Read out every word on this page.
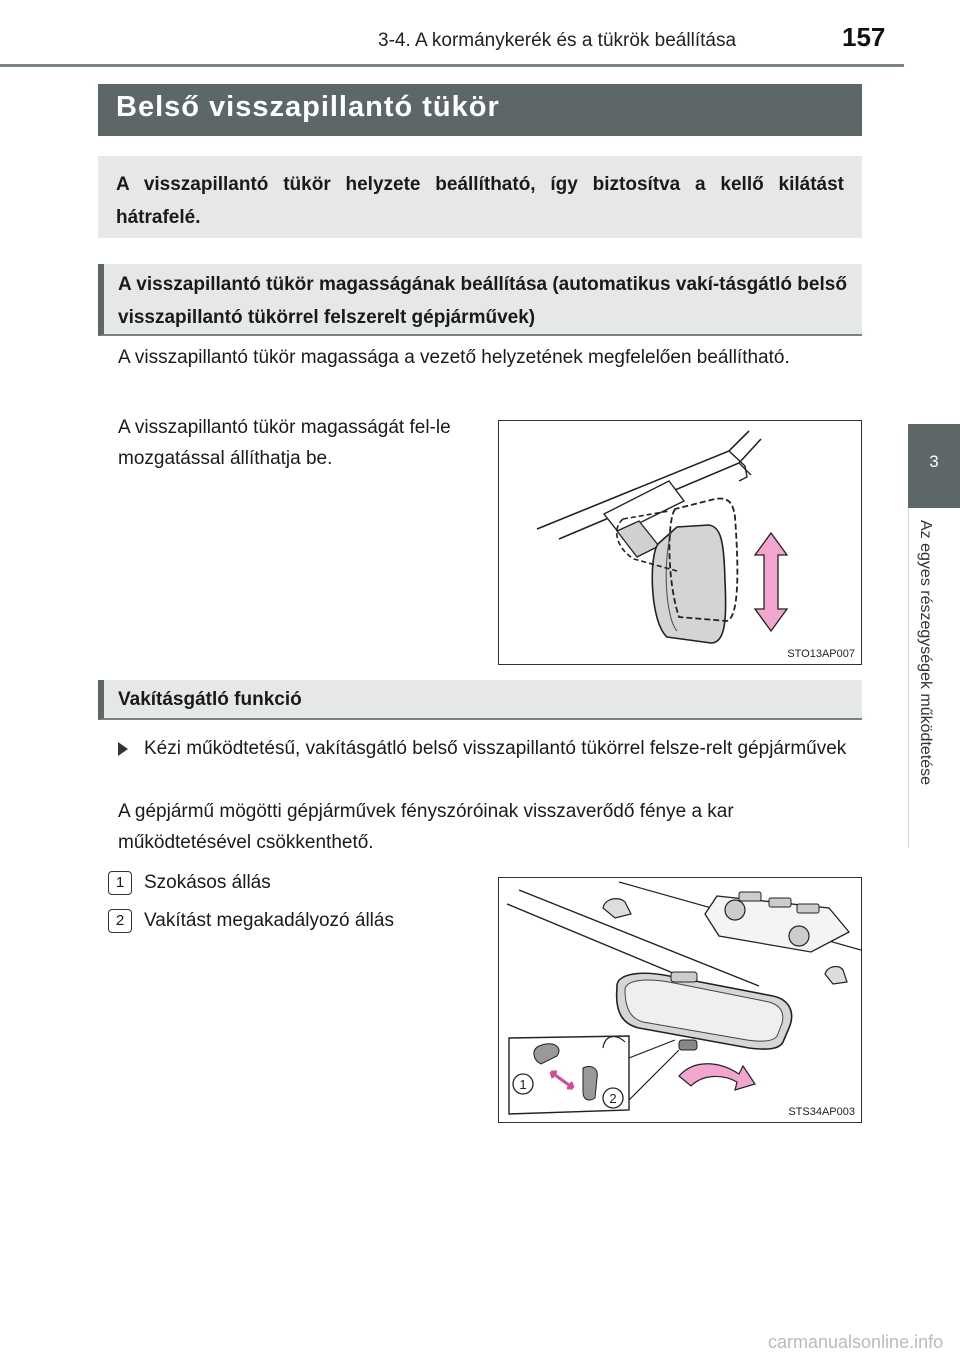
3-4. A kormánykerék és a tükrök beállítása	157
3
Az egyes részegységek működtetése
Belső visszapillantó tükör
A visszapillantó tükör helyzete beállítható, így biztosítva a kellő kilátást hátrafelé.
A visszapillantó tükör magasságának beállítása (automatikus vakí-tásgátló belső visszapillantó tükörrel felszerelt gépjárművek)
A visszapillantó tükör magassága a vezető helyzetének megfelelően beállítható.
A visszapillantó tükör magasságát fel-le mozgatással állíthatja be.
STO13AP007
Vakításgátló funkció
Kézi működtetésű, vakításgátló belső visszapillantó tükörrel felsze-relt gépjárművek
A gépjármű mögötti gépjárművek fényszóróinak visszaverődő fénye a kar működtetésével csökkenthető.
1	Szokásos állás
2	Vakítást megakadályozó állás
1
2
STS34AP003
carmanualsonline.info
